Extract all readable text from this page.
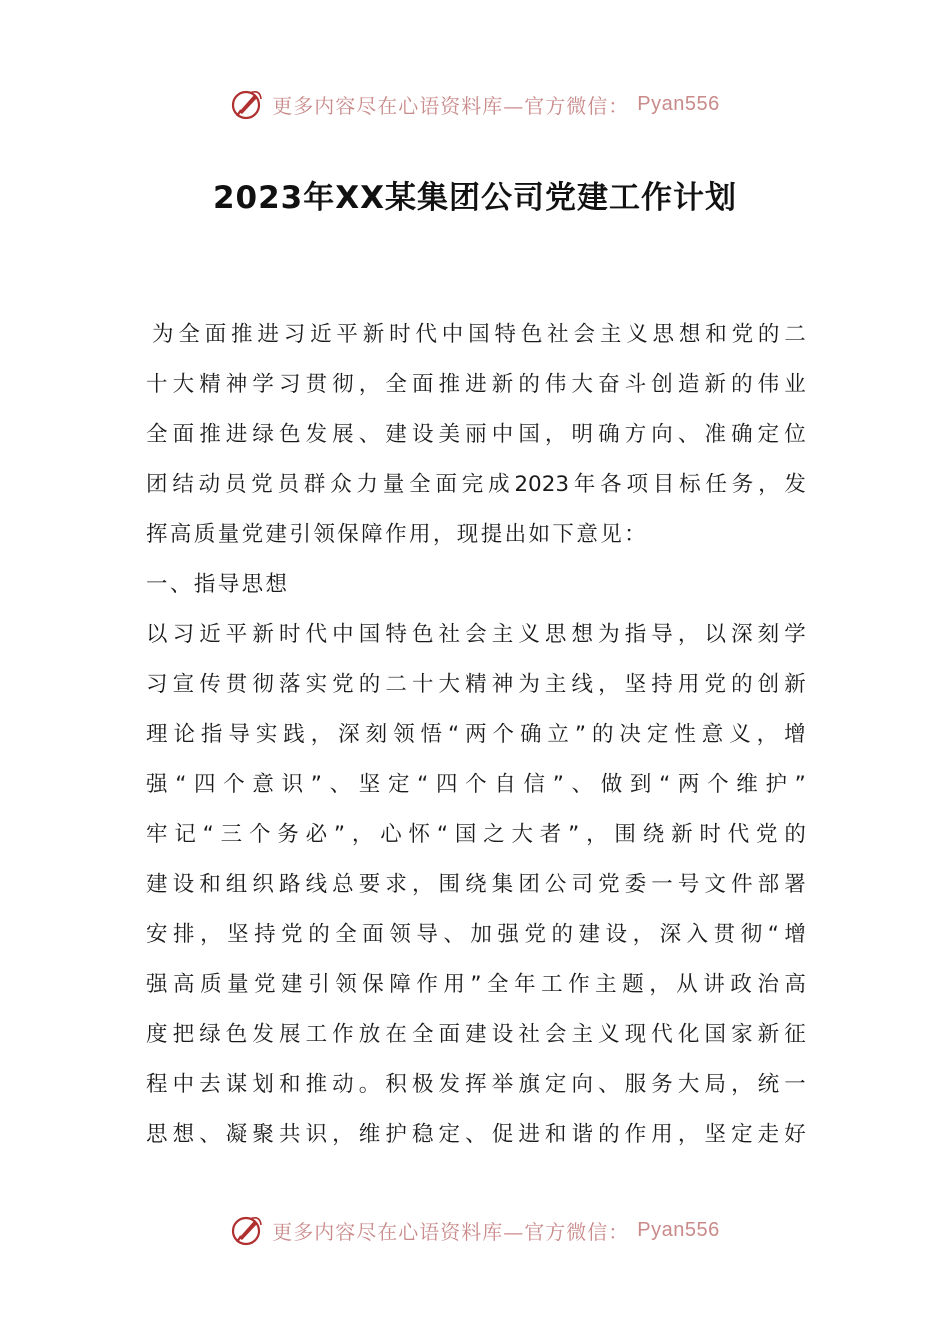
更多内容尽在心语资料库—官方微信： Pyan556
2023年XX某集团公司党建工作计划
为 全 面 推 进 习 近 平 新 时 代 中 国 特 色 社 会 主 义 思 想 和 党 的 二
十 大 精 神 学 习 贯 彻 ， 全 面 推 进 新 的 伟 大 奋 斗 创 造 新 的 伟 业
全 面 推 进 绿 色 发 展 、 建 设 美 丽 中 国 ， 明 确 方 向 、 准 确 定 位
团 结 动 员 党 员 群 众 力 量 全 面 完 成 2023 年 各 项 目 标 任 务 ， 发
挥 高 质 量 党 建 引 领 保 障 作 用 ， 现 提 出 如 下 意 见 ：
一 、 指 导 思 想
以 习 近 平 新 时 代 中 国 特 色 社 会 主 义 思 想 为 指 导 ， 以 深 刻 学
习 宣 传 贯 彻 落 实 党 的 二 十 大 精 神 为 主 线 ， 坚 持 用 党 的 创 新
理 论 指 导 实 践 ， 深 刻 领 悟 “ 两 个 确 立 ” 的 决 定 性 意 义 ， 增
强 “ 四 个 意 识 ” 、 坚 定 “ 四 个 自 信 ” 、 做 到 “ 两 个 维 护 ”
牢 记 “ 三 个 务 必 ” ， 心 怀 “ 国 之 大 者 ” ， 围 绕 新 时 代 党 的
建 设 和 组 织 路 线 总 要 求 ， 围 绕 集 团 公 司 党 委 一 号 文 件 部 署
安 排 ， 坚 持 党 的 全 面 领 导 、 加 强 党 的 建 设 ， 深 入 贯 彻 “ 增
强 高 质 量 党 建 引 领 保 障 作 用 ” 全 年 工 作 主 题 ， 从 讲 政 治 高
度 把 绿 色 发 展 工 作 放 在 全 面 建 设 社 会 主 义 现 代 化 国 家 新 征
程 中 去 谋 划 和 推 动 。 积 极 发 挥 举 旗 定 向 、 服 务 大 局 ， 统 一
思 想 、 凝 聚 共 识 ， 维 护 稳 定 、 促 进 和 谐 的 作 用 ， 坚 定 走 好
更多内容尽在心语资料库—官方微信： Pyan556
